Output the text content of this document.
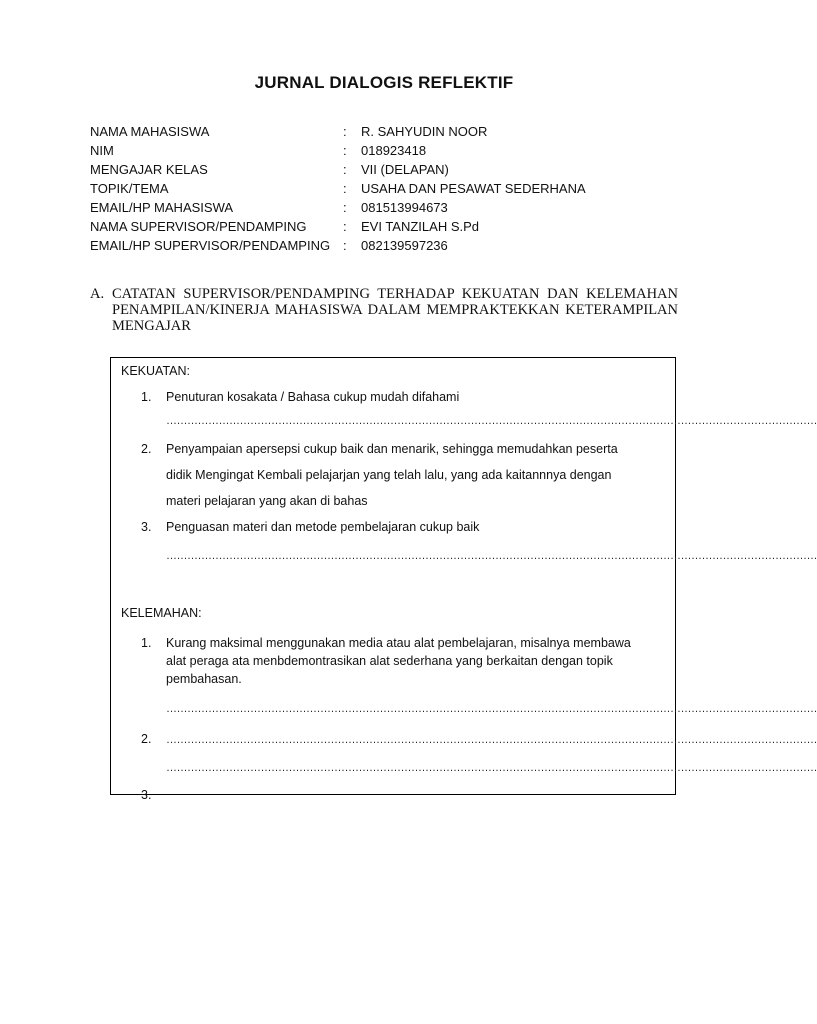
JURNAL DIALOGIS REFLEKTIF
NAMA MAHASISWA	:	R. SAHYUDIN NOOR
NIM	:	018923418
MENGAJAR KELAS	:	VII (DELAPAN)
TOPIK/TEMA	:	USAHA DAN PESAWAT SEDERHANA
EMAIL/HP MAHASISWA	:	081513994673
NAMA SUPERVISOR/PENDAMPING	:	EVI TANZILAH S.Pd
EMAIL/HP SUPERVISOR/PENDAMPING :	082139597236
A. CATATAN SUPERVISOR/PENDAMPING TERHADAP KEKUATAN DAN KELEMAHAN PENAMPILAN/KINERJA MAHASISWA DALAM MEMPRAKTEKKAN KETERAMPILAN MENGAJAR
KEKUATAN:
1.	Penuturan kosakata / Bahasa cukup mudah difahami
……………………………………………………………………………………………………………………………………………………………………
2.	Penyampaian apersepsi cukup baik dan menarik, sehingga memudahkan peserta didik Mengingat Kembali pelajarjan yang telah lalu, yang ada kaitannnya dengan materi pelajaran yang akan di bahas
3.	Penguasan materi dan metode pembelajaran cukup baik
……………………………………………………………………………………………………………………………………………………………………
KELEMAHAN:
1.	Kurang maksimal menggunakan media atau alat pembelajaran, misalnya membawa alat peraga ata menbdemontrasikan alat sederhana yang berkaitan dengan topik pembahasan.
……………………………………………………………………………………………………………………………………………………………………
2.	……………………………………………………………………………………………………………………………………………………………………
……………………………………………………………………………………………………………………………………………………………………
3.
